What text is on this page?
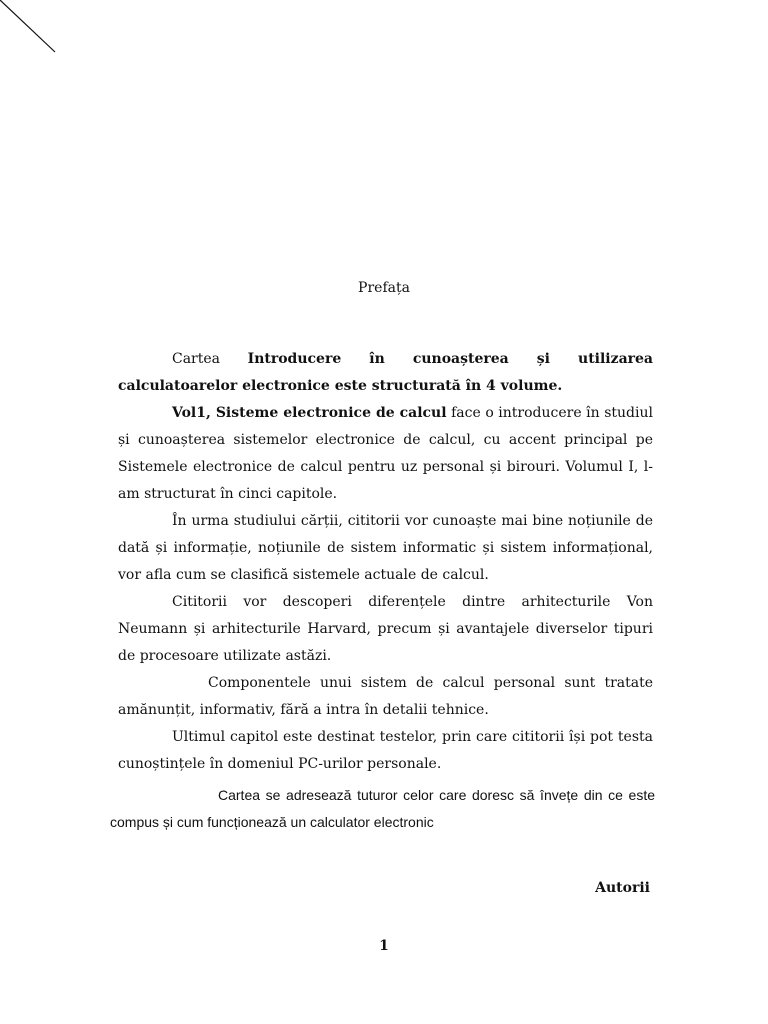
Prefața

Cartea Introducere în cunoașterea și utilizarea calculatoarelor electronice este structurată în 4 volume.

Vol1, Sisteme electronice de calcul face o introducere în studiul și cunoașterea sistemelor electronice de calcul, cu accent principal pe Sistemele electronice de calcul pentru uz personal și birouri. Volumul I, l-am structurat în cinci capitole.

În urma studiului cărții, cititorii vor cunoaște mai bine noțiunile de dată și informație, noțiunile de sistem informatic și sistem informațional, vor afla cum se clasifică sistemele actuale de calcul.

Cititorii vor descoperi diferențele dintre arhitecturile Von Neumann și arhitecturile Harvard, precum și avantajele diverselor tipuri de procesoare utilizate astăzi.

Componentele unui sistem de calcul personal sunt tratate amănunțit, informativ, fără a intra în detalii tehnice.

Ultimul capitol este destinat testelor, prin care cititorii își pot testa cunoștințele în domeniul PC-urilor personale.

Cartea se adresează tuturor celor care doresc să învețe din ce este compus și cum funcționează un calculator electronic

Autorii
1
